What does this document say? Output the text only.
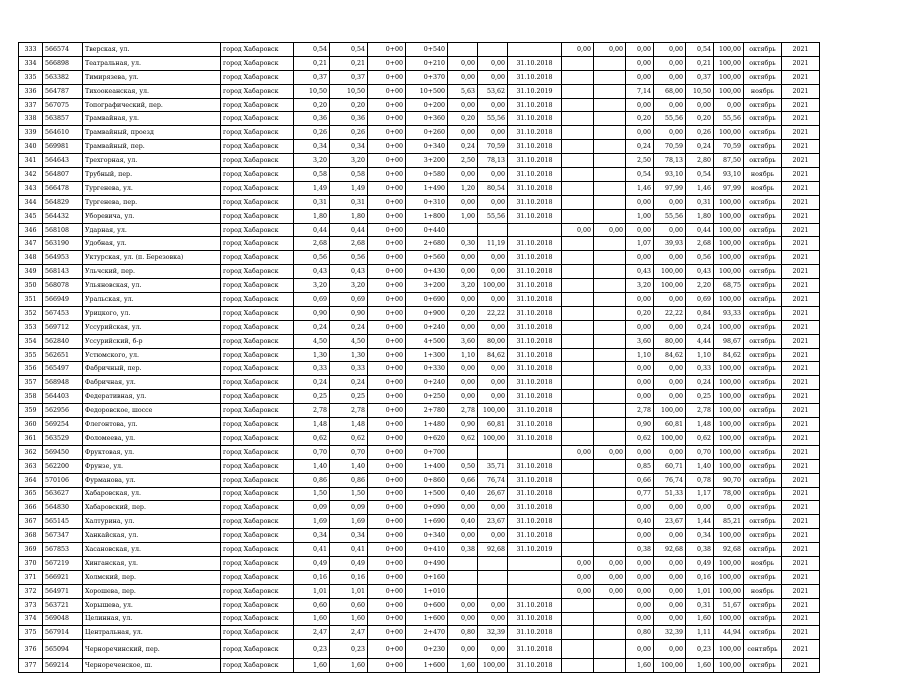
333	566574	Тверская, ул.	город Хабаровск	0,54	0,54	0+00	0+540				0,00	0,00	0,00	0,00	0,54	100,00	октябрь	2021
334	566898	Театральная, ул.	город Хабаровск	0,21	0,21	0+00	0+210	0,00	0,00	31.10.2018			0,00	0,00	0,21	100,00	октябрь	2021
335	563382	Тимирязева, ул.	город Хабаровск	0,37	0,37	0+00	0+370	0,00	0,00	31.10.2018			0,00	0,00	0,37	100,00	октябрь	2021
336	564787	Тихоокеанская, ул.	город Хабаровск	10,50	10,50	0+00	10+500	5,63	53,62	31.10.2019			7,14	68,00	10,50	100,00	ноябрь	2021
337	567075	Топографический, пер.	город Хабаровск	0,20	0,20	0+00	0+200	0,00	0,00	31.10.2018			0,00	0,00	0,00	0,00	октябрь	2021
338	563857	Трамвайная, ул.	город Хабаровск	0,36	0,36	0+00	0+360	0,20	55,56	31.10.2018			0,20	55,56	0,20	55,56	октябрь	2021
339	564610	Трамвайный, проезд	город Хабаровск	0,26	0,26	0+00	0+260	0,00	0,00	31.10.2018			0,00	0,00	0,26	100,00	октябрь	2021
340	569981	Трамвайный, пер.	город Хабаровск	0,34	0,34	0+00	0+340	0,24	70,59	31.10.2018			0,24	70,59	0,24	70,59	октябрь	2021
341	564643	Трехгорная, ул.	город Хабаровск	3,20	3,20	0+00	3+200	2,50	78,13	31.10.2018			2,50	78,13	2,80	87,50	октябрь	2021
342	564807	Трубный, пер.	город Хабаровск	0,58	0,58	0+00	0+580	0,00	0,00	31.10.2018			0,54	93,10	0,54	93,10	ноябрь	2021
343	566478	Тургенева, ул.	город Хабаровск	1,49	1,49	0+00	1+490	1,20	80,54	31.10.2018			1,46	97,99	1,46	97,99	ноябрь	2021
344	564829	Тургенева, пер.	город Хабаровск	0,31	0,31	0+00	0+310	0,00	0,00	31.10.2018			0,00	0,00	0,31	100,00	октябрь	2021
345	564432	Уборевича, ул.	город Хабаровск	1,80	1,80	0+00	1+800	1,00	55,56	31.10.2018			1,00	55,56	1,80	100,00	октябрь	2021
346	568108	Ударная, ул.	город Хабаровск	0,44	0,44	0+00	0+440				0,00	0,00	0,00	0,00	0,44	100,00	октябрь	2021
347	563190	Удобная, ул.	город Хабаровск	2,68	2,68	0+00	2+680	0,30	11,19	31.10.2018			1,07	39,93	2,68	100,00	октябрь	2021
348	564953	Уктурская, ул. (п. Березовка)	город Хабаровск	0,56	0,56	0+00	0+560	0,00	0,00	31.10.2018			0,00	0,00	0,56	100,00	октябрь	2021
349	568143	Ульчский, пер.	город Хабаровск	0,43	0,43	0+00	0+430	0,00	0,00	31.10.2018			0,43	100,00	0,43	100,00	октябрь	2021
350	568078	Ульяновская, ул.	город Хабаровск	3,20	3,20	0+00	3+200	3,20	100,00	31.10.2018			3,20	100,00	2,20	68,75	октябрь	2021
351	566949	Уральская, ул.	город Хабаровск	0,69	0,69	0+00	0+690	0,00	0,00	31.10.2018			0,00	0,00	0,69	100,00	октябрь	2021
352	567453	Урицкого, ул.	город Хабаровск	0,90	0,90	0+00	0+900	0,20	22,22	31.10.2018			0,20	22,22	0,84	93,33	октябрь	2021
353	569712	Уссурийская, ул.	город Хабаровск	0,24	0,24	0+00	0+240	0,00	0,00	31.10.2018			0,00	0,00	0,24	100,00	октябрь	2021
354	562840	Уссурийский, б-р	город Хабаровск	4,50	4,50	0+00	4+500	3,60	80,00	31.10.2018			3,60	80,00	4,44	98,67	октябрь	2021
355	562651	Устюмского, ул.	город Хабаровск	1,30	1,30	0+00	1+300	1,10	84,62	31.10.2018			1,10	84,62	1,10	84,62	октябрь	2021
356	565497	Фабричный, пер.	город Хабаровск	0,33	0,33	0+00	0+330	0,00	0,00	31.10.2018			0,00	0,00	0,33	100,00	октябрь	2021
357	568948	Фабричная, ул.	город Хабаровск	0,24	0,24	0+00	0+240	0,00	0,00	31.10.2018			0,00	0,00	0,24	100,00	октябрь	2021
358	564403	Федеративная, ул.	город Хабаровск	0,25	0,25	0+00	0+250	0,00	0,00	31.10.2018			0,00	0,00	0,25	100,00	октябрь	2021
359	562956	Федоровское, шоссе	город Хабаровск	2,78	2,78	0+00	2+780	2,78	100,00	31.10.2018			2,78	100,00	2,78	100,00	октябрь	2021
360	569254	Флегонтова, ул.	город Хабаровск	1,48	1,48	0+00	1+480	0,90	60,81	31.10.2018			0,90	60,81	1,48	100,00	октябрь	2021
361	563529	Фоломеева, ул.	город Хабаровск	0,62	0,62	0+00	0+620	0,62	100,00	31.10.2018			0,62	100,00	0,62	100,00	октябрь	2021
362	569450	Фруктовая, ул.	город Хабаровск	0,70	0,70	0+00	0+700				0,00	0,00	0,00	0,00	0,70	100,00	октябрь	2021
363	562200	Фрунзе, ул.	город Хабаровск	1,40	1,40	0+00	1+400	0,50	35,71	31.10.2018			0,85	60,71	1,40	100,00	октябрь	2021
364	570106	Фурманова, ул.	город Хабаровск	0,86	0,86	0+00	0+860	0,66	76,74	31.10.2018			0,66	76,74	0,78	90,70	октябрь	2021
365	563627	Хабаровская, ул.	город Хабаровск	1,50	1,50	0+00	1+500	0,40	26,67	31.10.2018			0,77	51,33	1,17	78,00	октябрь	2021
366	564830	Хабаровский, пер.	город Хабаровск	0,09	0,09	0+00	0+090	0,00	0,00	31.10.2018			0,00	0,00	0,00	0,00	октябрь	2021
367	565145	Халтурина, ул.	город Хабаровск	1,69	1,69	0+00	1+690	0,40	23,67	31.10.2018			0,40	23,67	1,44	85,21	октябрь	2021
368	567347	Ханкайская, ул.	город Хабаровск	0,34	0,34	0+00	0+340	0,00	0,00	31.10.2018			0,00	0,00	0,34	100,00	октябрь	2021
369	567853	Хасановская, ул.	город Хабаровск	0,41	0,41	0+00	0+410	0,38	92,68	31.10.2019			0,38	92,68	0,38	92,68	октябрь	2021
370	567219	Хинганская, ул.	город Хабаровск	0,49	0,49	0+00	0+490				0,00	0,00	0,00	0,00	0,49	100,00	ноябрь	2021
371	566921	Холмский, пер.	город Хабаровск	0,16	0,16	0+00	0+160				0,00	0,00	0,00	0,00	0,16	100,00	октябрь	2021
372	564971	Хорошева, пер.	город Хабаровск	1,01	1,01	0+00	1+010				0,00	0,00	0,00	0,00	1,01	100,00	ноябрь	2021
373	563721	Хорышева, ул.	город Хабаровск	0,60	0,60	0+00	0+600	0,00	0,00	31.10.2018			0,00	0,00	0,31	51,67	октябрь	2021
374	569048	Целинная, ул.	город Хабаровск	1,60	1,60	0+00	1+600	0,00	0,00	31.10.2018			0,00	0,00	1,60	100,00	октябрь	2021
375	567914	Центральная, ул.	город Хабаровск	2,47	2,47	0+00	2+470	0,80	32,39	31.10.2018			0,80	32,39	1,11	44,94	октябрь	2021
376	565094	Черноречинский, пер.	город Хабаровск	0,23	0,23	0+00	0+230	0,00	0,00	31.10.2018			0,00	0,00	0,23	100,00	сентябрь	2021
377	569214	Чернореченское, ш.	город Хабаровск	1,60	1,60	0+00	1+600	1,60	100,00	31.10.2018			1,60	100,00	1,60	100,00	октябрь	2021
